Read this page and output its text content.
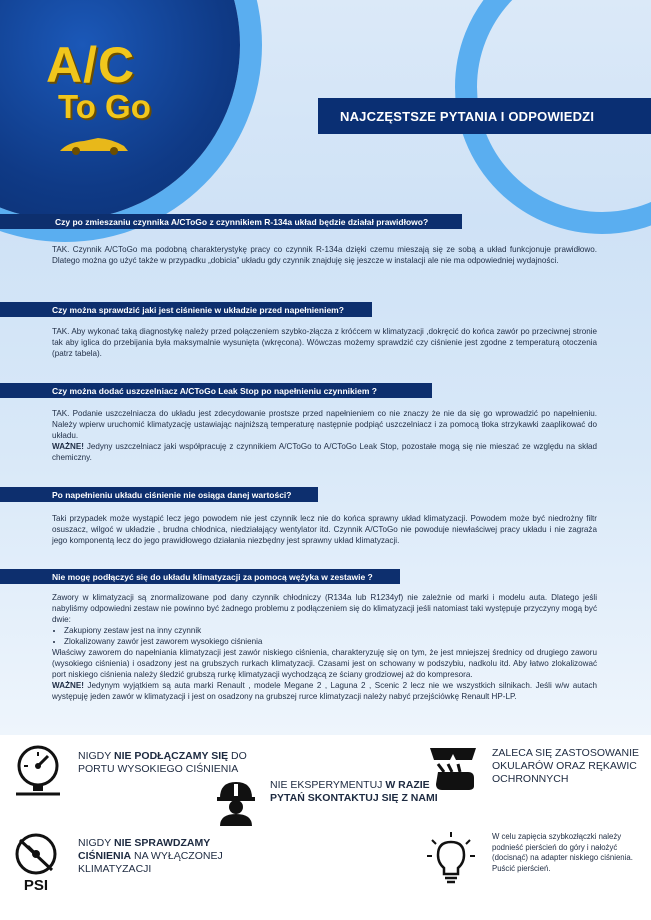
A/C
To Go	NAJCZĘSTSZE PYTANIA I ODPOWIEDZI
Czy po zmieszaniu czynnika A/CToGo z czynnikiem R-134a układ będzie działał prawidłowo?

TAK. Czynnik A/CToGo ma podobną charakterystykę pracy co czynnik R-134a dzięki czemu mieszają się ze sobą a układ funkcjonuje prawidłowo. Dlatego można go użyć także w przypadku „dobicia” układu gdy czynnik znajduję się jeszcze w instalacji ale nie ma odpowiedniej wydajności.

Czy można sprawdzić jaki jest ciśnienie w układzie przed napełnieniem?

TAK. Aby wykonać taką diagnostykę należy przed połączeniem szybko-złącza z króćcem w klimatyzacji ,dokręcić do końca zawór po przeciwnej stronie tak aby iglica do przebijania była maksymalnie wysunięta (wkręcona). Wówczas możemy sprawdzić czy ciśnienie jest zgodne z temperaturą otoczenia (patrz tabela).

Czy można dodać uszczelniacz A/CToGo Leak Stop po napełnieniu czynnikiem ?

TAK. Podanie uszczelniacza do układu jest zdecydowanie prostsze przed napełnieniem co nie znaczy że nie da się go wprowadzić po napełnieniu. Należy wpierw uruchomić klimatyzację ustawiając najniższą temperaturę następnie podpiąć uszczelniacz i za pomocą tłoka strzykawki zaaplikować do układu.

WAŻNE! Jedyny uszczelniacz jaki współpracuję z czynnikiem A/CToGo to A/CToGo Leak Stop, pozostałe mogą się nie mieszać ze względu na skład chemiczny.

Po napełnieniu układu ciśnienie nie osiąga danej wartości?

Taki przypadek może wystąpić lecz jego powodem nie jest czynnik lecz nie do końca sprawny układ klimatyzacji. Powodem może być niedrożny filtr osuszacz, wilgoć w układzie , brudna chłodnica, niedziałający wentylator itd. Czynnik A/CToGo nie powoduje niewłaściwej pracy układu i nie zagraża jego komponentą lecz do jego prawidłowego działania niezbędny jest sprawny układ klimatyzacji.

Nie mogę podłączyć się do układu klimatyzacji za pomocą wężyka w zestawie ?

Zawory w klimatyzacji są znormalizowane pod dany czynnik chłodniczy (R134a lub R1234yf) nie zależnie od marki i modelu auta. Dlatego jeśli nabyliśmy odpowiedni zestaw nie powinno być żadnego problemu z podłączeniem się do klimatyzacji jeśli natomiast taki występuje przyczyny mogą być dwie:

• Zakupiony zestaw jest na inny czynnik
• Zlokalizowany zawór jest zaworem wysokiego ciśnienia

Właściwy zaworem do napełniania klimatyzacji jest zawór niskiego ciśnienia, charakteryzuję się on tym, że jest mniejszej średnicy od drugiego zaworu (wysokiego ciśnienia) i osadzony jest na grubszych rurkach klimatyzacji. Czasami jest on schowany w podszybiu, nadkolu itd. Aby łatwo zlokalizować port niskiego ciśnienia należy śledzić grubszą rurkę klimatyzacji wychodzącą ze ściany grodziowej aż do kompresora.

WAŻNE! Jedynym wyjątkiem są auta marki Renault , modele Megane 2 , Laguna 2 , Scenic 2 lecz nie we wszystkich silnikach. Jeśli w/w autach występuję jeden zawór w klimatyzacji i jest on osadzony na grubszej rurce klimatyzacji należy nabyć przejściówkę Renault HP-LP.

NIGDY NIE PODŁĄCZAMY SIĘ DO PORTU WYSOKIEGO CIŚNIENIA
NIE EKSPERYMENTUJ W RAZIE PYTAŃ SKONTAKTUJ SIĘ Z NAMI
ZALECA SIĘ ZASTOSOWANIE OKULARÓW ORAZ RĘKAWIC OCHRONNYCH
PSI
NIGDY NIE SPRAWDZAMY CIŚNIENIA NA WYŁĄCZONEJ KLIMATYZACJI
W celu zapięcia szybkozłączki należy podnieść pierścień do góry i nałożyć (docisnąć) na adapter niskiego ciśnienia. Puścić pierścień.
